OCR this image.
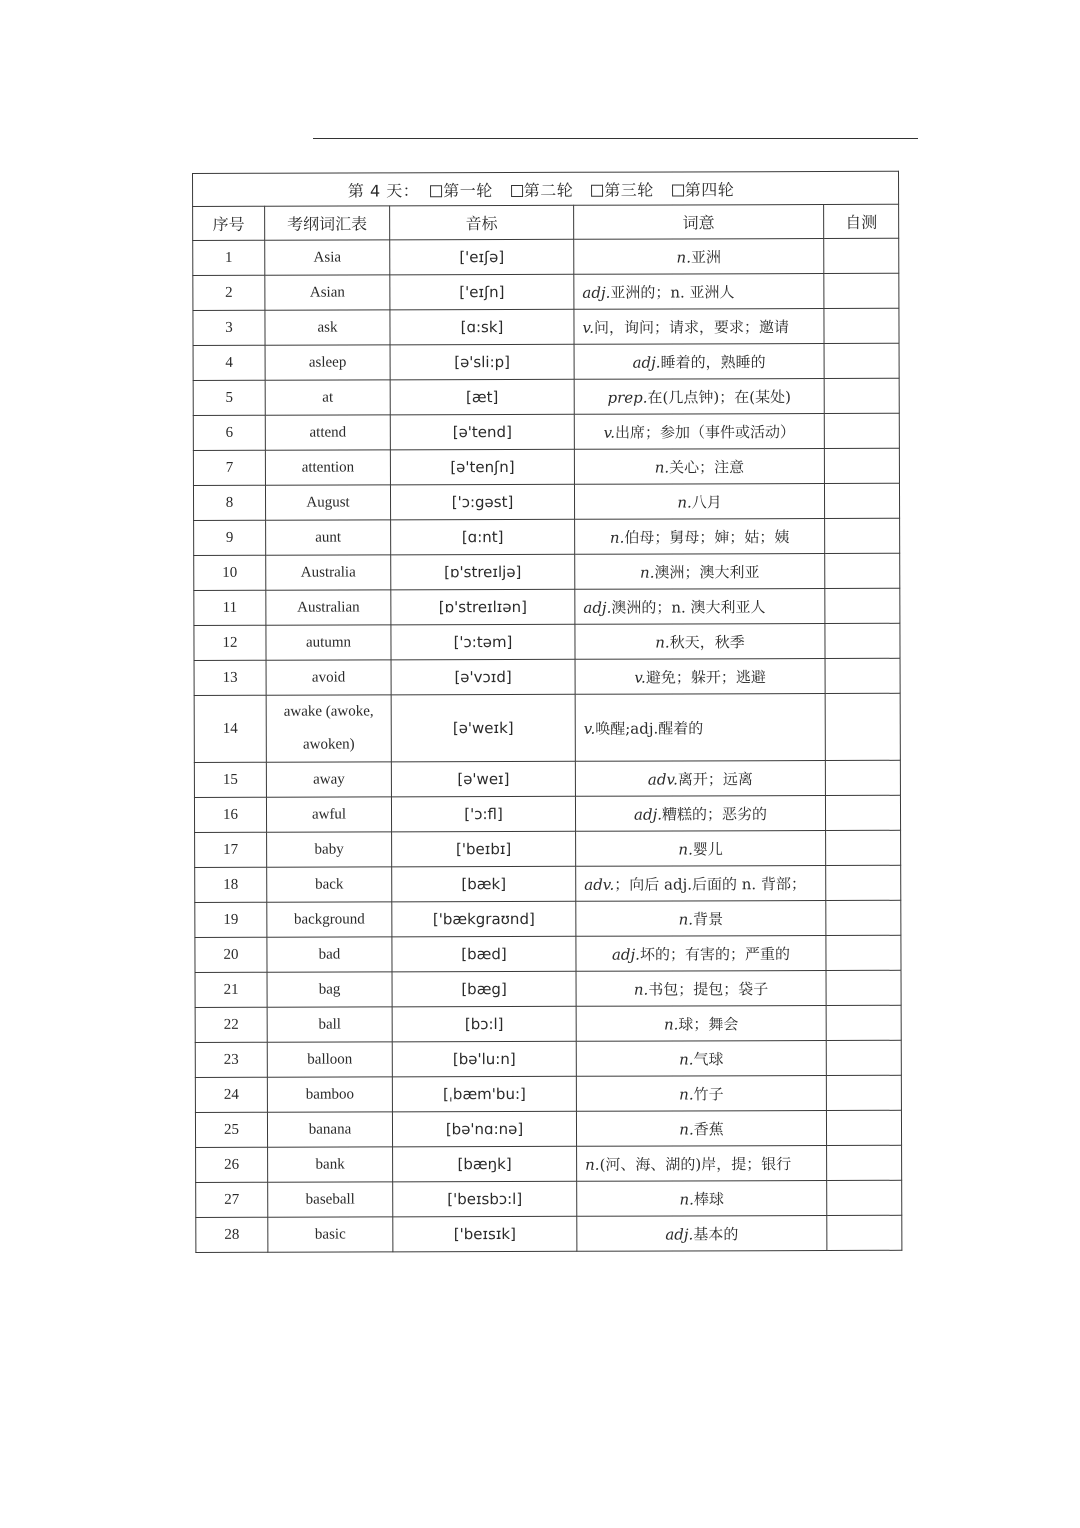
第 4 天： 第一轮 第二轮 第三轮 第四轮				
序号	考纲词汇表	音标	词意	自测
1	Asia	['eɪʃə]	n.亚洲	
2	Asian	['eɪʃn]	adj.亚洲的；n. 亚洲人	
3	ask	[ɑ:sk]	v.问，询问；请求，要求；邀请	
4	asleep	[ə'sli:p]	adj.睡着的，熟睡的	
5	at	[æt]	prep.在(几点钟)；在(某处)	
6	attend	[ə'tend]	v.出席；参加（事件或活动）	
7	attention	[ə'tenʃn]	n.关心；注意	
8	August	['ɔ:gəst]	n.八月	
9	aunt	[ɑ:nt]	n.伯母；舅母；婶；姑；姨	
10	Australia	[ɒ'streɪljə]	n.澳洲；澳大利亚	
11	Australian	[ɒ'streɪlɪən]	adj.澳洲的；n. 澳大利亚人	
12	autumn	['ɔ:təm]	n.秋天，秋季	
13	avoid	[ə'vɔɪd]	v.避免；躲开；逃避	
14	awake (awoke, awoken)	[ə'weɪk]	v.唤醒;adj.醒着的	
15	away	[ə'weɪ]	adv.离开；远离	
16	awful	['ɔ:fl]	adj.糟糕的；恶劣的	
17	baby	['beɪbɪ]	n.婴儿	
18	back	[bæk]	adv.；向后 adj.后面的 n. 背部；	
19	background	['bækgraʊnd]	n.背景	
20	bad	[bæd]	adj.坏的；有害的；严重的	
21	bag	[bæg]	n.书包；提包；袋子	
22	ball	[bɔ:l]	n.球；舞会	
23	balloon	[bə'lu:n]	n.气球	
24	bamboo	[ˌbæm'bu:]	n.竹子	
25	banana	[bə'nɑ:nə]	n.香蕉	
26	bank	[bæŋk]	n.(河、海、湖的)岸，提；银行	
27	baseball	['beɪsbɔ:l]	n.棒球	
28	basic	['beɪsɪk]	adj.基本的	
